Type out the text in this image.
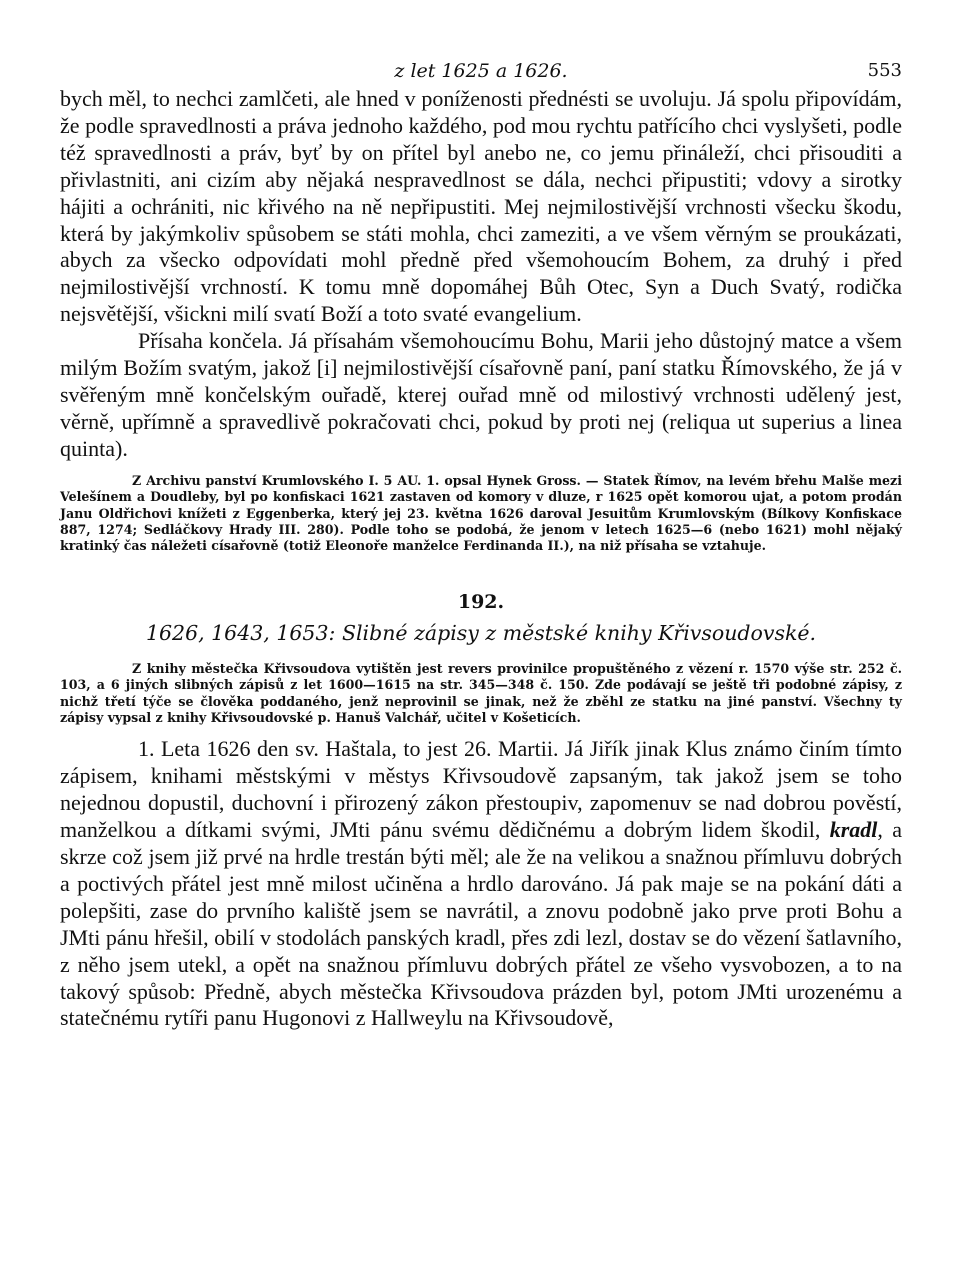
z let 1625 a 1626.	553

bych měl, to nechci zamlčeti, ale hned v poníženosti přednésti se uvoluju. Já spolu připovídám, že podle spravedlnosti a práva jednoho každého, pod mou rychtu patřícího chci vyslyšeti, podle též spravedlnosti a práv, byť by on přítel byl anebo ne, co jemu přináleží, chci přisouditi a přivlastniti, ani cizím aby nějaká nespravedlnost se dála, nechci připustiti; vdovy a sirotky hájiti a ochrániti, nic křivého na ně nepřipustiti. Mej nejmilostivější vrchnosti všecku škodu, která by jakýmkoliv spůsobem se státi mohla, chci zameziti, a ve všem věrným se proukázati, abych za všecko odpovídati mohl předně před všemohoucím Bohem, za druhý i před nejmilostivější vrchností. K tomu mně dopomáhej Bůh Otec, Syn a Duch Svatý, rodička nejsvětější, všickni milí svatí Boží a toto svaté evangelium.

Přísaha končela. Já přísahám všemohoucímu Bohu, Marii jeho důstojný matce a všem milým Božím svatým, jakož [i] nejmilostivější císařovně paní, paní statku Římovského, že já v svěřeným mně končelským ouřadě, kterej ouřad mně od milostivý vrchnosti udělený jest, věrně, upřímně a spravedlivě pokračovati chci, pokud by proti nej (reliqua ut superius a linea quinta).

Z Archivu panství Krumlovského I. 5 AU. 1. opsal Hynek Gross. — Statek Římov, na levém břehu Malše mezi Velešínem a Doudleby, byl po konfiskaci 1621 zastaven od komory v dluze, r 1625 opět komorou ujat, a potom prodán Janu Oldřichovi knížeti z Eggenberka, který jej 23. května 1626 daroval Jesuitům Krumlovským (Bílkovy Konfiskace 887, 1274; Sedláčkovy Hrady III. 280). Podle toho se podobá, že jenom v letech 1625—6 (nebo 1621) mohl nějaký kratinký čas náležeti císařovně (totiž Eleonoře manželce Ferdinanda II.), na niž přísaha se vztahuje.

192.
1626, 1643, 1653: Slibné zápisy z městské knihy Křivsoudovské.

Z knihy městečka Křivsoudova vytištěn jest revers provinilce propuštěného z vězení r. 1570 výše str. 252 č. 103, a 6 jiných slibných zápisů z let 1600—1615 na str. 345—348 č. 150. Zde podávají se ještě tři podobné zápisy, z nichž třetí týče se člověka poddaného, jenž neprovinil se jinak, než že zběhl ze statku na jiné panství. Všechny ty zápisy vypsal z knihy Křivsoudovské p. Hanuš Valchář, učitel v Košeticích.

1. Leta 1626 den sv. Haštala, to jest 26. Martii. Já Jiřík jinak Klus známo činím tímto zápisem, knihami městskými v městys Křivsoudově zapsaným, tak jakož jsem se toho nejednou dopustil, duchovní i přirozený zákon přestoupiv, zapomenuv se nad dobrou pověstí, manželkou a dítkami svými, JMti pánu svému dědičnému a dobrým lidem škodil, kradl, a skrze což jsem již prvé na hrdle trestán býti měl; ale že na velikou a snažnou přímluvu dobrých a poctivých přátel jest mně milost učiněna a hrdlo darováno. Já pak maje se na pokání dáti a polepšiti, zase do prvního kaliště jsem se navrátil, a znovu podobně jako prve proti Bohu a JMti pánu hřešil, obilí v stodolách panských kradl, přes zdi lezl, dostav se do vězení šatlavního, z něho jsem utekl, a opět na snažnou přímluvu dobrých přátel ze všeho vysvobozen, a to na takový spůsob: Předně, abych městečka Křivsoudova prázden byl, potom JMti urozenému a statečnému rytíři panu Hugonovi z Hallweylu na Křivsoudově,
